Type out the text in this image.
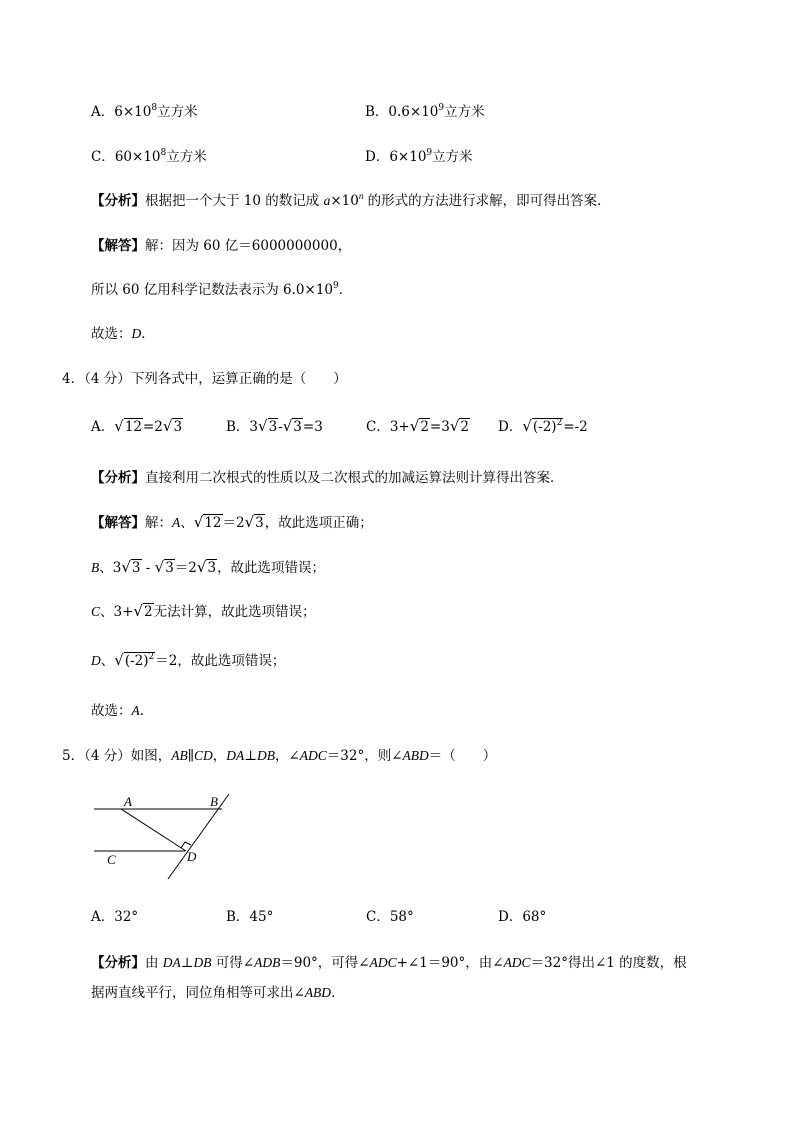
A．$6\times 10^8$立方米	B．$0.6\times 10^9$立方米
C．$60\times 10^8$立方米	D．$6\times 10^9$立方米
【分析】根据把一个大于 10 的数记成 $a\times 10^n$ 的形式的方法进行求解，即可得出答案．
【解答】解：因为 60 亿＝6000000000，
所以 60 亿用科学记数法表示为 $6.0\times 10^9$．
故选：D．
4．（4 分）下列各式中，运算正确的是（　　）
A．√12=2√3	B．3√3-√3=3	C．3+√2=3√2 D．$√(-2)^2=-2$
【分析】直接利用二次根式的性质以及二次根式的加减运算法则计算得出答案．
【解答】解：A、√12＝2√3，故此选项正确；
B、3√3 - √3＝2√3，故此选项错误；
C、3+√2无法计算，故此选项错误；
D、$√(-2)^2=2$，故此选项错误；
故选：A．
5．（4 分）如图，AB∥CD，DA⊥DB，∠ADC＝32°，则∠ABD＝（　　）
A	B
C	D
A．32°	B．45°	C．58°	D．68°
【分析】由 DA⊥DB 可得∠ADB＝90°，可得∠ADC+∠1＝90°，由∠ADC＝32°得出∠1 的度数，根
据两直线平行，同位角相等可求出∠ABD．
